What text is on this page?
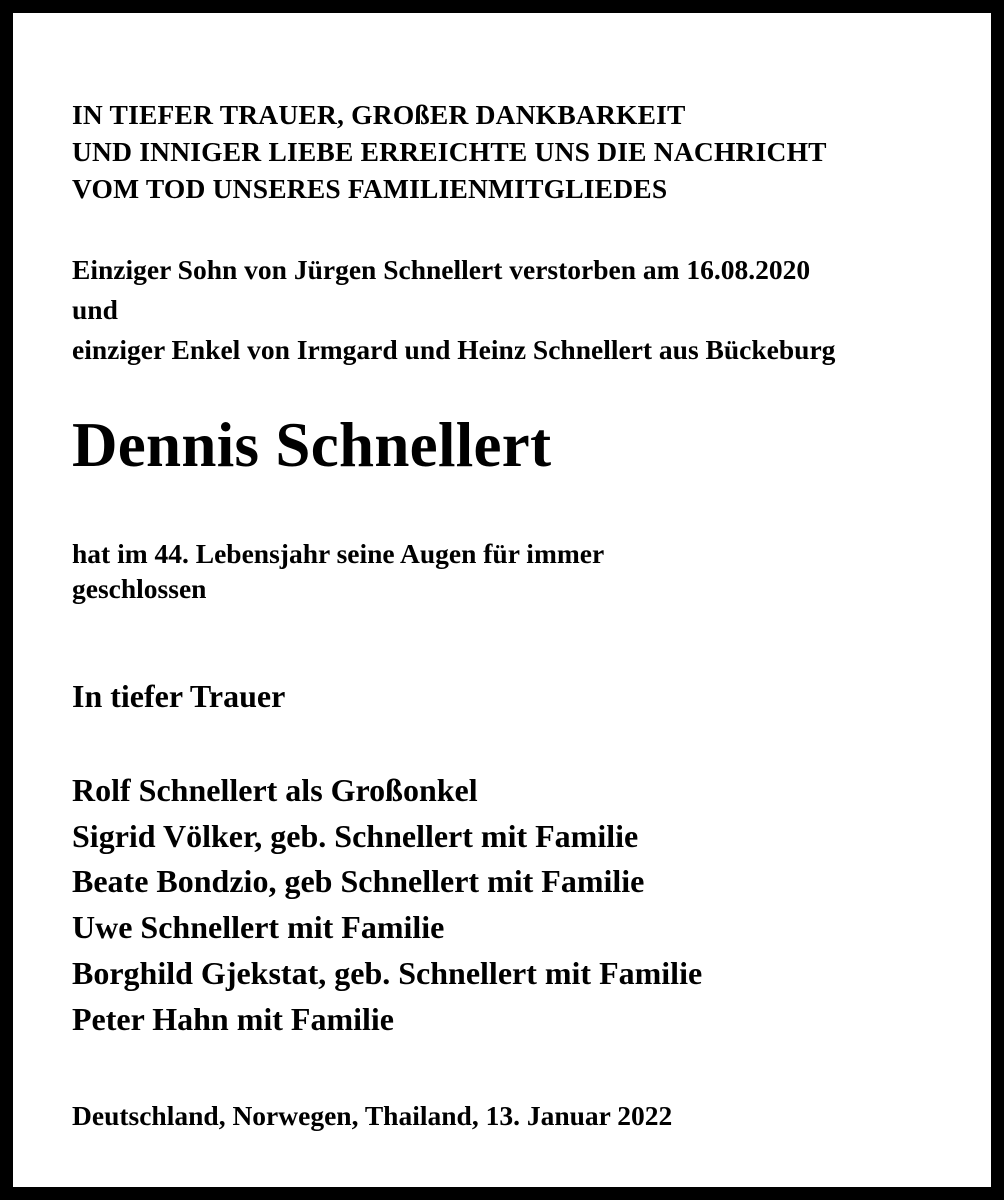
IN TIEFER TRAUER, GROßER DANKBARKEIT
UND INNIGER LIEBE ERREICHTE UNS DIE NACHRICHT
VOM TOD UNSERES FAMILIENMITGLIEDES

Einziger Sohn von Jürgen Schnellert verstorben am 16.08.2020
und
einziger Enkel von Irmgard und Heinz Schnellert aus Bückeburg

Dennis Schnellert

hat im 44. Lebensjahr seine Augen für immer
geschlossen

In tiefer Trauer

Rolf Schnellert als Großonkel
Sigrid Völker, geb. Schnellert mit Familie
Beate Bondzio, geb Schnellert mit Familie
Uwe Schnellert mit Familie
Borghild Gjekstat, geb. Schnellert mit Familie
Peter Hahn mit Familie

Deutschland, Norwegen, Thailand, 13. Januar 2022
